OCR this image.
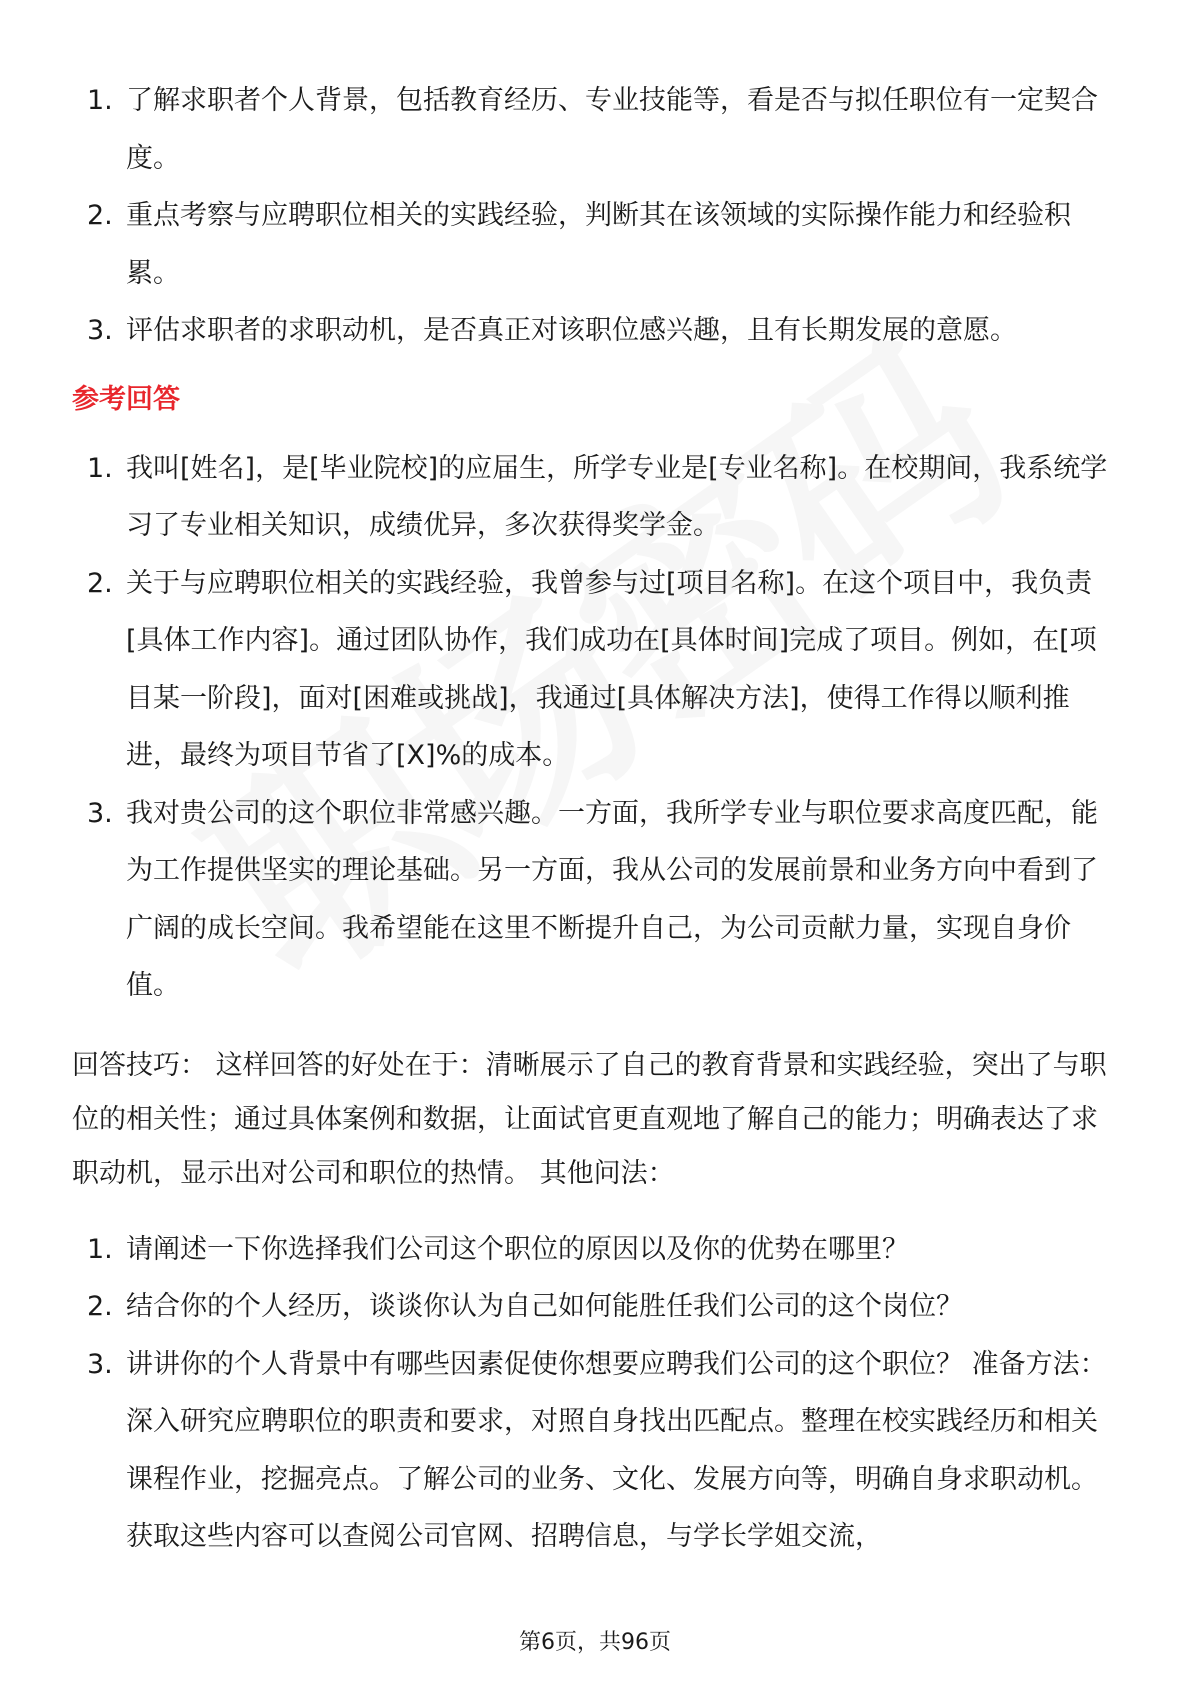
1. 了解求职者个人背景，包括教育经历、专业技能等，看是否与拟任职位有一定契合度。
2. 重点考察与应聘职位相关的实践经验，判断其在该领域的实际操作能力和经验积累。
3. 评估求职者的求职动机，是否真正对该职位感兴趣，且有长期发展的意愿。
参考回答
1. 我叫[姓名]，是[毕业院校]的应届生，所学专业是[专业名称]。在校期间，我系统学习了专业相关知识，成绩优异，多次获得奖学金。
2. 关于与应聘职位相关的实践经验，我曾参与过[项目名称]。在这个项目中，我负责[具体工作内容]。通过团队协作，我们成功在[具体时间]完成了项目。例如，在[项目某一阶段]，面对[困难或挑战]，我通过[具体解决方法]，使得工作得以顺利推进，最终为项目节省了[X]%的成本。
3. 我对贵公司的这个职位非常感兴趣。一方面，我所学专业与职位要求高度匹配，能为工作提供坚实的理论基础。另一方面，我从公司的发展前景和业务方向中看到了广阔的成长空间。我希望能在这里不断提升自己，为公司贡献力量，实现自身价值。

回答技巧： 这样回答的好处在于：清晰展示了自己的教育背景和实践经验，突出了与职位的相关性；通过具体案例和数据，让面试官更直观地了解自己的能力；明确表达了求职动机，显示出对公司和职位的热情。 其他问法：

1. 请阐述一下你选择我们公司这个职位的原因以及你的优势在哪里？
2. 结合你的个人经历，谈谈你认为自己如何能胜任我们公司的这个岗位？
3. 讲讲你的个人背景中有哪些因素促使你想要应聘我们公司的这个职位？ 准备方法： 深入研究应聘职位的职责和要求，对照自身找出匹配点。整理在校实践经历和相关课程作业，挖掘亮点。了解公司的业务、文化、发展方向等，明确自身求职动机。获取这些内容可以查阅公司官网、招聘信息，与学长学姐交流，
第6页，共96页
